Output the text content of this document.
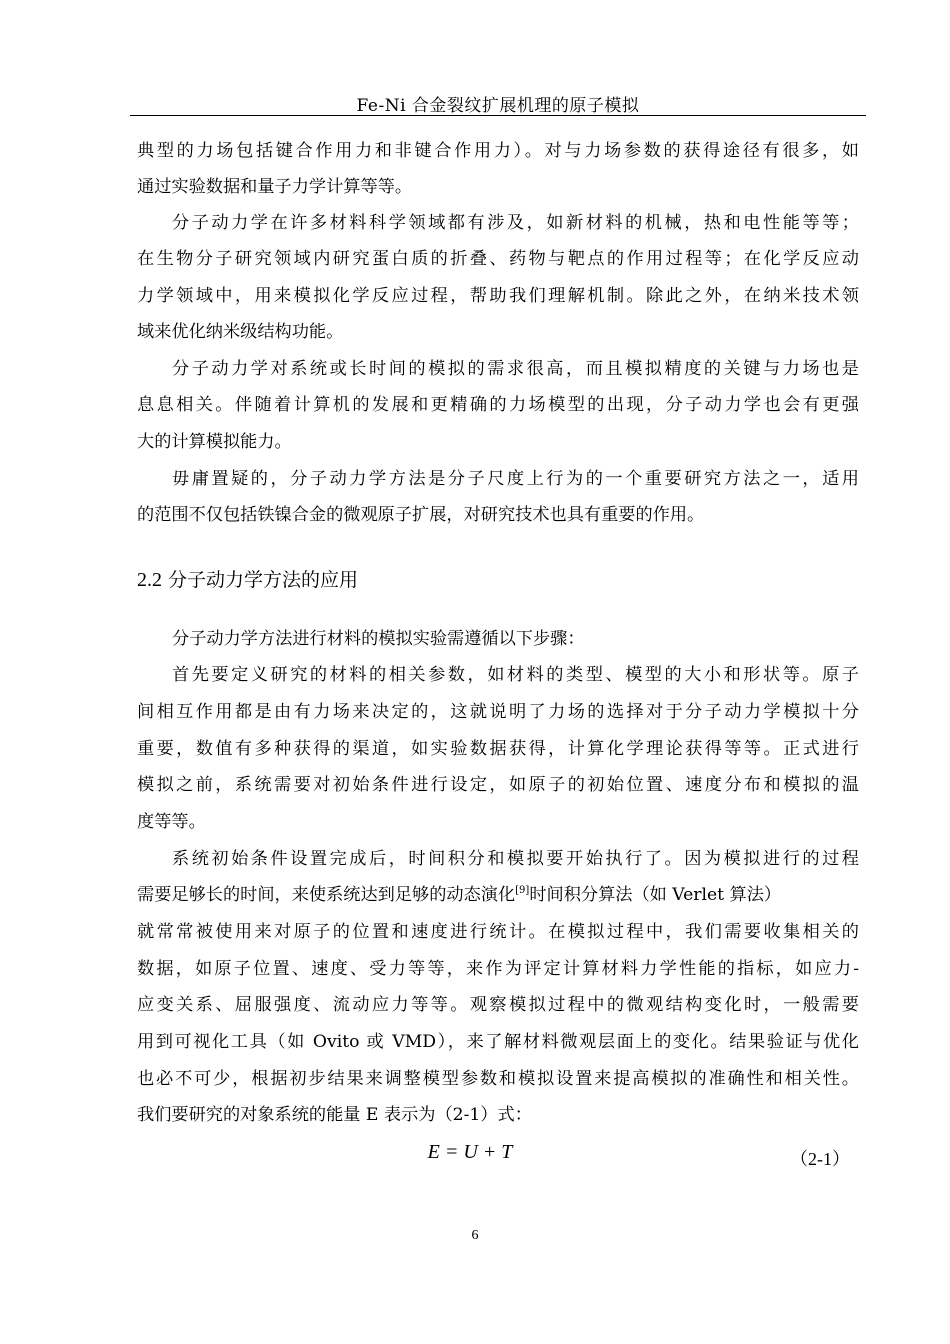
Fe-Ni 合金裂纹扩展机理的原子模拟
典型的力场包括键合作用力和非键合作用力）。对与力场参数的获得途径有很多，如
通过实验数据和量子力学计算等等。
分子动力学在许多材料科学领域都有涉及，如新材料的机械，热和电性能等等；
在生物分子研究领域内研究蛋白质的折叠、药物与靶点的作用过程等；在化学反应动
力学领域中，用来模拟化学反应过程，帮助我们理解机制。除此之外，在纳米技术领
域来优化纳米级结构功能。
分子动力学对系统或长时间的模拟的需求很高，而且模拟精度的关键与力场也是
息息相关。伴随着计算机的发展和更精确的力场模型的出现，分子动力学也会有更强
大的计算模拟能力。
毋庸置疑的，分子动力学方法是分子尺度上行为的一个重要研究方法之一，适用
的范围不仅包括铁镍合金的微观原子扩展，对研究技术也具有重要的作用。
2.2 分子动力学方法的应用
分子动力学方法进行材料的模拟实验需遵循以下步骤：
首先要定义研究的材料的相关参数，如材料的类型、模型的大小和形状等。原子
间相互作用都是由有力场来决定的，这就说明了力场的选择对于分子动力学模拟十分
重要，数值有多种获得的渠道，如实验数据获得，计算化学理论获得等等。正式进行
模拟之前，系统需要对初始条件进行设定，如原子的初始位置、速度分布和模拟的温
度等等。
系统初始条件设置完成后，时间积分和模拟要开始执行了。因为模拟进行的过程
需要足够长的时间，来使系统达到足够的动态演化[9]时间积分算法（如 Verlet 算法）
就常常被使用来对原子的位置和速度进行统计。在模拟过程中，我们需要收集相关的
数据，如原子位置、速度、受力等等，来作为评定计算材料力学性能的指标，如应力-
应变关系、屈服强度、流动应力等等。观察模拟过程中的微观结构变化时，一般需要
用到可视化工具（如 Ovito 或 VMD），来了解材料微观层面上的变化。结果验证与优化
也必不可少，根据初步结果来调整模型参数和模拟设置来提高模拟的准确性和相关性。
我们要研究的对象系统的能量 E 表示为（2-1）式：
E = U + T	（2-1）
6
